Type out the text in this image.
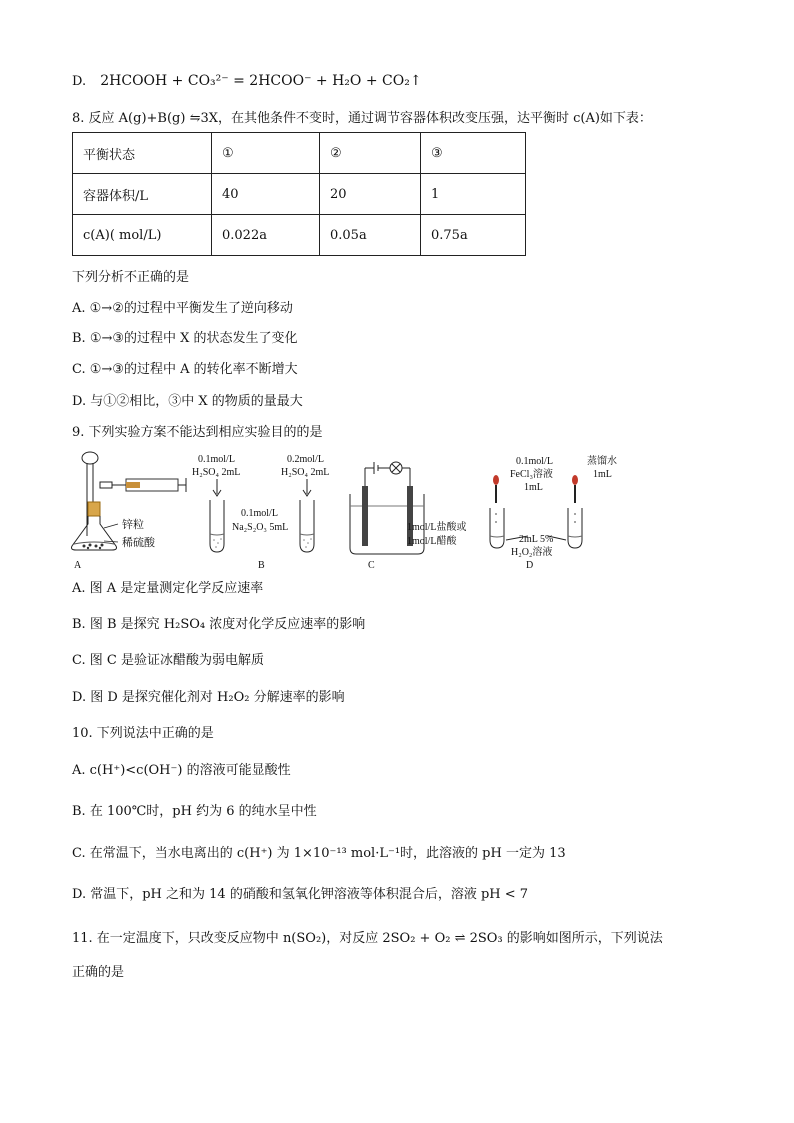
D. 2HCOOH + CO₃²⁻ = 2HCOO⁻ + H₂O + CO₂↑
8. 反应 A(g)+B(g) ⇋3X，在其他条件不变时，通过调节容器体积改变压强，达平衡时 c(A)如下表：
平衡状态	①	②	③
容器体积/L	40	20	1
c(A)( mol/L)	0.022a	0.05a	0.75a
下列分析不正确的是
A. ①→②的过程中平衡发生了逆向移动
B. ①→③的过程中 X 的状态发生了变化
C. ①→③的过程中 A 的转化率不断增大
D. 与①②相比，③中 X 的物质的量最大
9. 下列实验方案不能达到相应实验目的的是
锌粒
稀硫酸
0.1mol/L
H₂SO₄ 2mL
0.2mol/L
H₂SO₄ 2mL
0.1mol/L
Na₂S₂O₃ 5mL	1mol/L盐酸或
1mol/L醋酸
0.1mol/L
FeCl₃溶液
1mL
蒸馏水
1mL
2mL 5%
H₂O₂溶液
A	B	C	D
A. 图 A 是定量测定化学反应速率
B. 图 B 是探究 H₂SO₄ 浓度对化学反应速率的影响
C. 图 C 是验证冰醋酸为弱电解质
D. 图 D 是探究催化剂对 H₂O₂ 分解速率的影响
10. 下列说法中正确的是
A. c(H⁺)<c(OH⁻) 的溶液可能显酸性
B. 在 100℃时，pH 约为 6 的纯水呈中性
C. 在常温下，当水电离出的 c(H⁺) 为 1×10⁻¹³ mol·L⁻¹时，此溶液的 pH 一定为 13
D. 常温下，pH 之和为 14 的硝酸和氢氧化钾溶液等体积混合后，溶液 pH < 7
11. 在一定温度下，只改变反应物中 n(SO₂)，对反应 2SO₂ + O₂ ⇌ 2SO₃ 的影响如图所示，下列说法
正确的是
